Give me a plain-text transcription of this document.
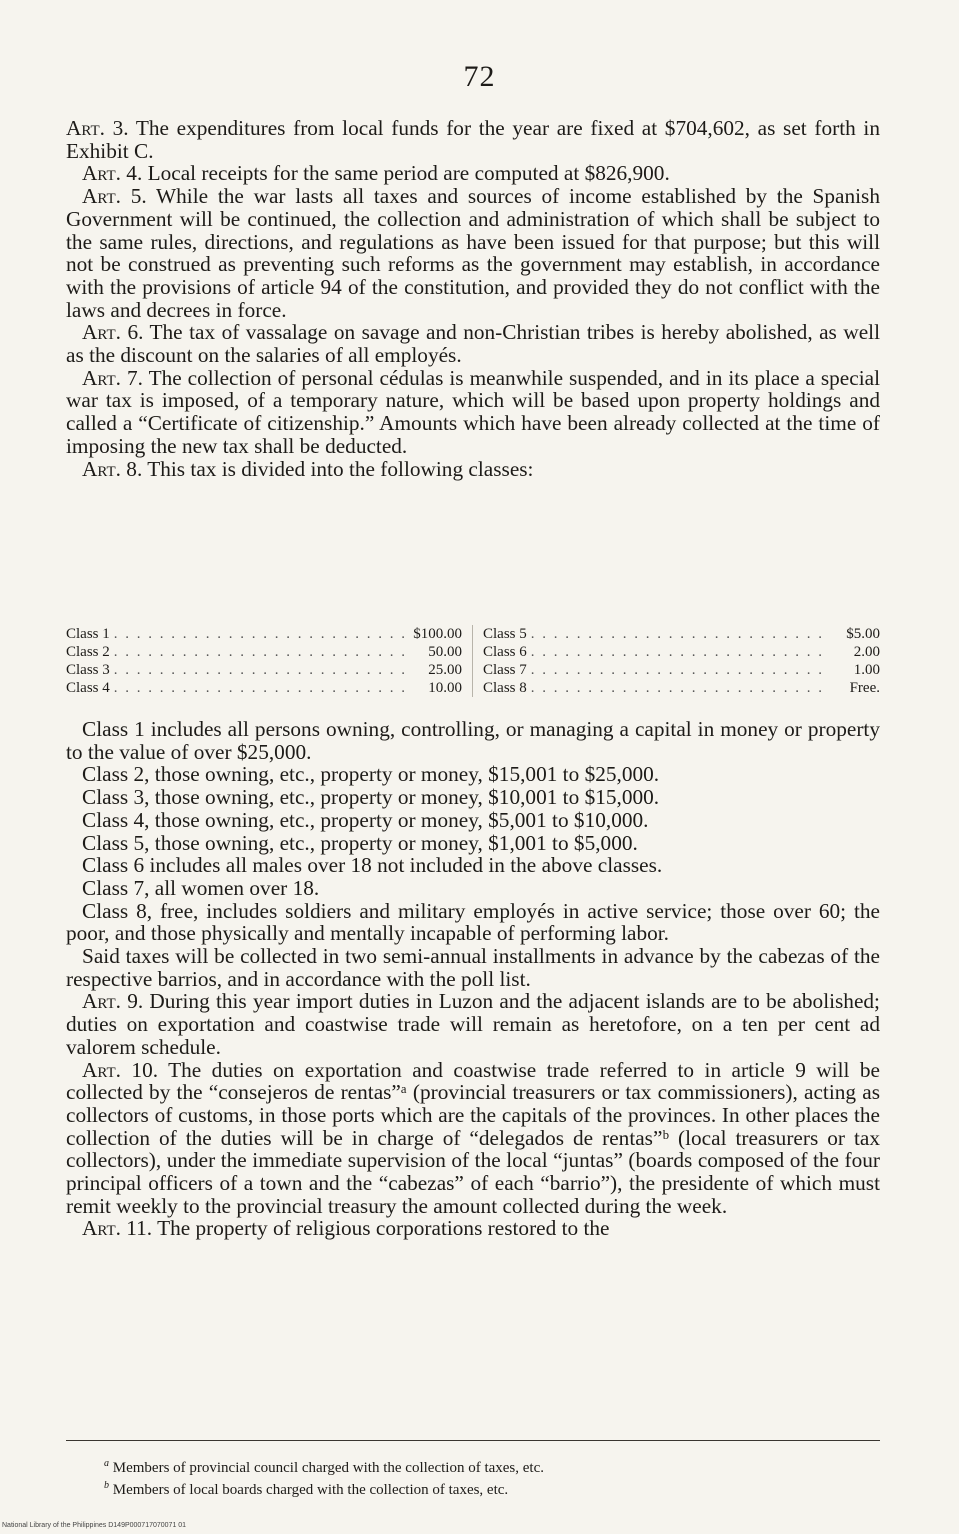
72

Art. 3. The expenditures from local funds for the year are fixed at $704,602, as set forth in Exhibit C.

Art. 4. Local receipts for the same period are computed at $826,900.

Art. 5. While the war lasts all taxes and sources of income established by the Spanish Government will be continued, the collection and administration of which shall be subject to the same rules, directions, and regulations as have been issued for that purpose; but this will not be construed as preventing such reforms as the government may establish, in accordance with the provisions of article 94 of the constitution, and provided they do not conflict with the laws and decrees in force.

Art. 6. The tax of vassalage on savage and non-Christian tribes is hereby abolished, as well as the discount on the salaries of all employés.

Art. 7. The collection of personal cédulas is meanwhile suspended, and in its place a special war tax is imposed, of a temporary nature, which will be based upon property holdings and called a “Certificate of citizenship.” Amounts which have been already collected at the time of imposing the new tax shall be deducted.

Art. 8. This tax is divided into the following classes:

Class 1 . . .	$100.00
Class 2 . . .	50.00
Class 3 . . .	25.00
Class 4 . . .	10.00
Class 5 . . .	$5.00
Class 6 . . .	2.00
Class 7 . . .	1.00
Class 8 . . .	Free.

Class 1 includes all persons owning, controlling, or managing a capital in money or property to the value of over $25,000.

Class 2, those owning, etc., property or money, $15,001 to $25,000.

Class 3, those owning, etc., property or money, $10,001 to $15,000.

Class 4, those owning, etc., property or money, $5,001 to $10,000.

Class 5, those owning, etc., property or money, $1,001 to $5,000.

Class 6 includes all males over 18 not included in the above classes.

Class 7, all women over 18.

Class 8, free, includes soldiers and military employés in active service; those over 60; the poor, and those physically and mentally incapable of performing labor.

Said taxes will be collected in two semi-annual installments in advance by the cabezas of the respective barrios, and in accordance with the poll list.

Art. 9. During this year import duties in Luzon and the adjacent islands are to be abolished; duties on exportation and coastwise trade will remain as heretofore, on a ten per cent ad valorem schedule.

Art. 10. The duties on exportation and coastwise trade referred to in article 9 will be collected by the “consejeros de rentas”ᵃ (provincial treasurers or tax commissioners), acting as collectors of customs, in those ports which are the capitals of the provinces. In other places the collection of the duties will be in charge of “delegados de rentas”ᵇ (local treasurers or tax collectors), under the immediate supervision of the local “juntas” (boards composed of the four principal officers of a town and the “cabezas” of each “barrio”), the presidente of which must remit weekly to the provincial treasury the amount collected during the week.

Art. 11. The property of religious corporations restored to the

$^a$ Members of provincial council charged with the collection of taxes, etc.

$^b$ Members of local boards charged with the collection of taxes, etc.

National Library of the Philippines D149P000717070071 01
